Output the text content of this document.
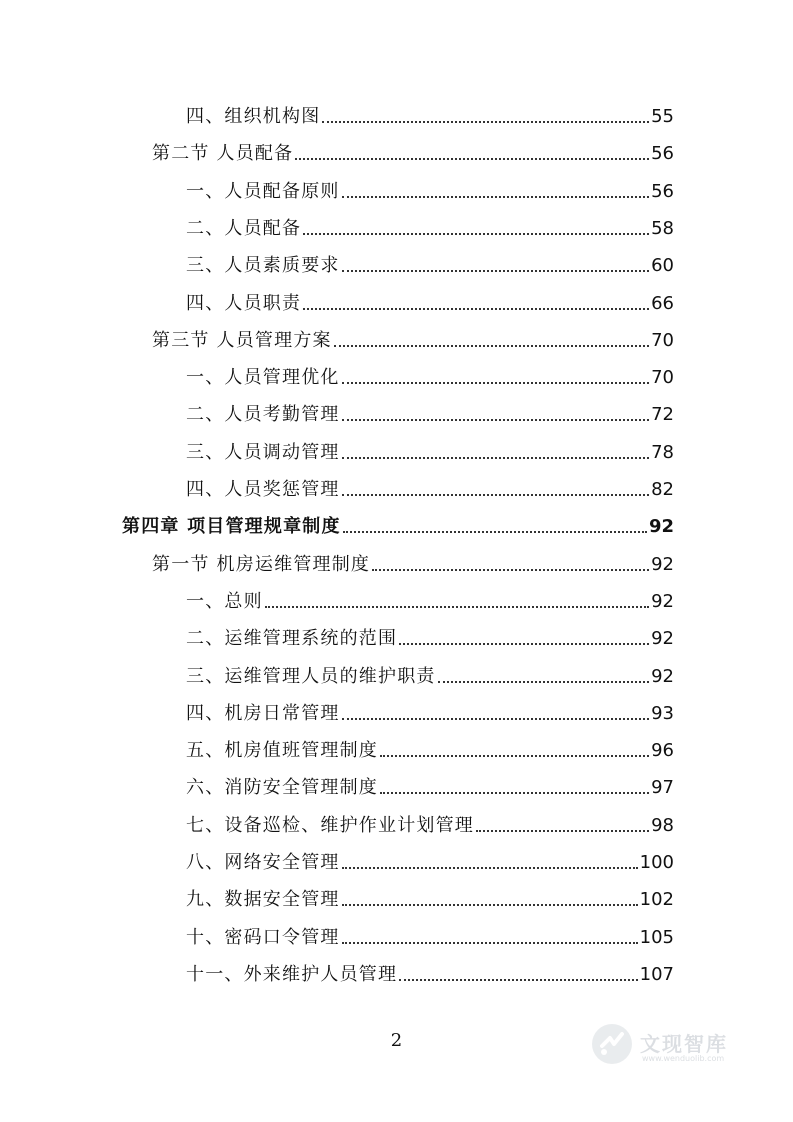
四、组织机构图	55
第二节 人员配备	56
一、人员配备原则	56
二、人员配备	58
三、人员素质要求	60
四、人员职责	66
第三节 人员管理方案	70
一、人员管理优化	70
二、人员考勤管理	72
三、人员调动管理	78
四、人员奖惩管理	82
第四章 项目管理规章制度	92
第一节 机房运维管理制度	92
一、总则	92
二、运维管理系统的范围	92
三、运维管理人员的维护职责	92
四、机房日常管理	93
五、机房值班管理制度	96
六、消防安全管理制度	97
七、设备巡检、维护作业计划管理	98
八、网络安全管理	100
九、数据安全管理	102
十、密码口令管理	105
十一、外来维护人员管理	107
2	文现智库
www.wenduolib.com
